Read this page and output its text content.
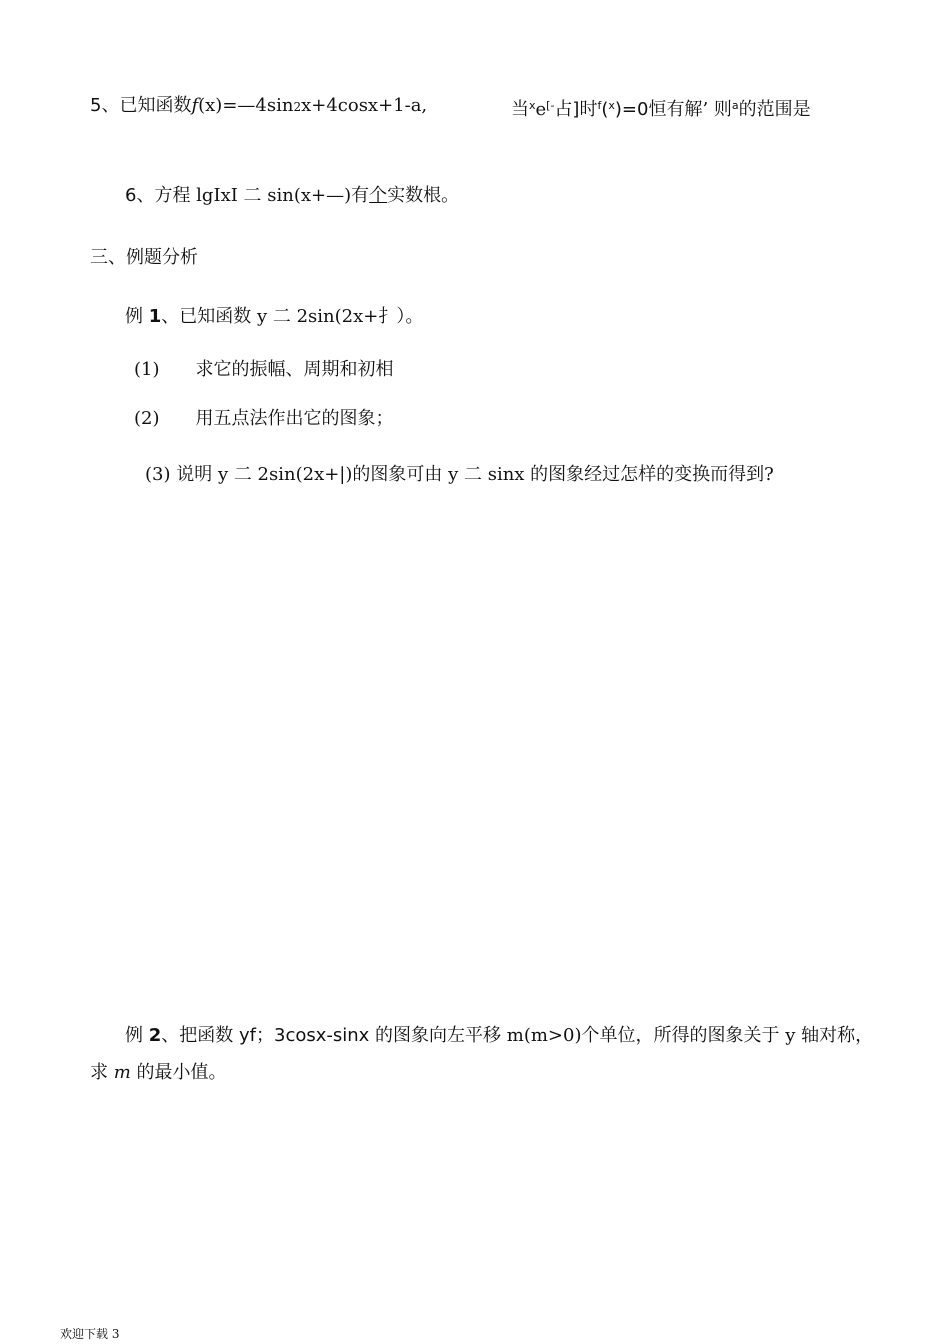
5、已知函数f(x)=—4sin2x+4cosx+1-a,	当$^x$e[-占]时$^f$($^x$)=0恒有解’ 则$^a$的范围是
6、方程 lgIxI 二 sin(x+—)有个实数根。
三、例题分析
例 1、已知函数 y 二 2sin(2x+扌）。
(1) 求它的振幅、周期和初相
(2) 用五点法作出它的图象；
(3) 说明 y 二 2sin(2x+|)的图象可由 y 二 sinx 的图象经过怎样的变换而得到?
例 2、把函数 yf；3cosx-sinx 的图象向左平移 m(m>0)个单位，所得的图象关于 y 轴对称，
求 m 的最小值。
欢迎下载 3
